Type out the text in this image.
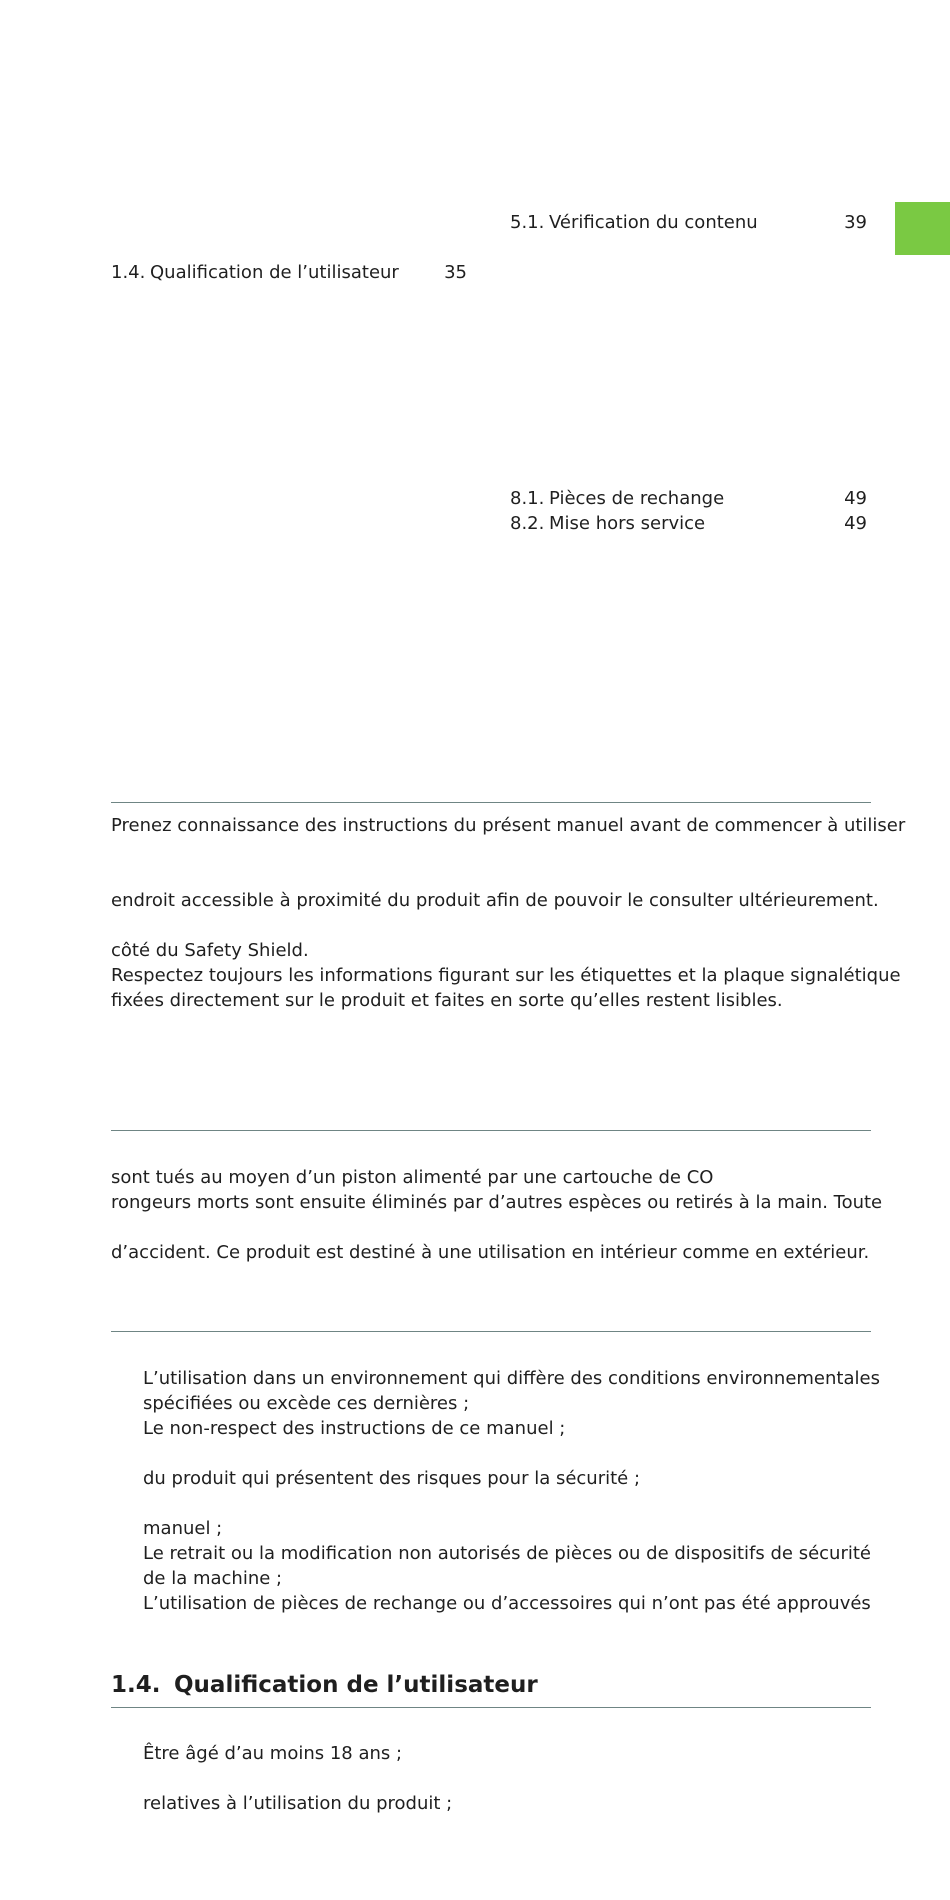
5.1. Vérification du contenu	39
1.4. Qualification de l’utilisateur	35
8.1. Pièces de rechange	49
8.2. Mise hors service	49
Prenez connaissance des instructions du présent manuel avant de commencer à utiliser
endroit accessible à proximité du produit afin de pouvoir le consulter ultérieurement.
côté du Safety Shield.
Respectez toujours les informations figurant sur les étiquettes et la plaque signalétique
fixées directement sur le produit et faites en sorte qu’elles restent lisibles.
sont tués au moyen d’un piston alimenté par une cartouche de CO
rongeurs morts sont ensuite éliminés par d’autres espèces ou retirés à la main. Toute
d’accident. Ce produit est destiné à une utilisation en intérieur comme en extérieur.
L’utilisation dans un environnement qui diffère des conditions environnementales
spécifiées ou excède ces dernières ;
Le non-respect des instructions de ce manuel ;
du produit qui présentent des risques pour la sécurité ;
manuel ;
Le retrait ou la modification non autorisés de pièces ou de dispositifs de sécurité
de la machine ;
L’utilisation de pièces de rechange ou d’accessoires qui n’ont pas été approuvés
1.4. Qualification de l’utilisateur
Être âgé d’au moins 18 ans ;
relatives à l’utilisation du produit ;
